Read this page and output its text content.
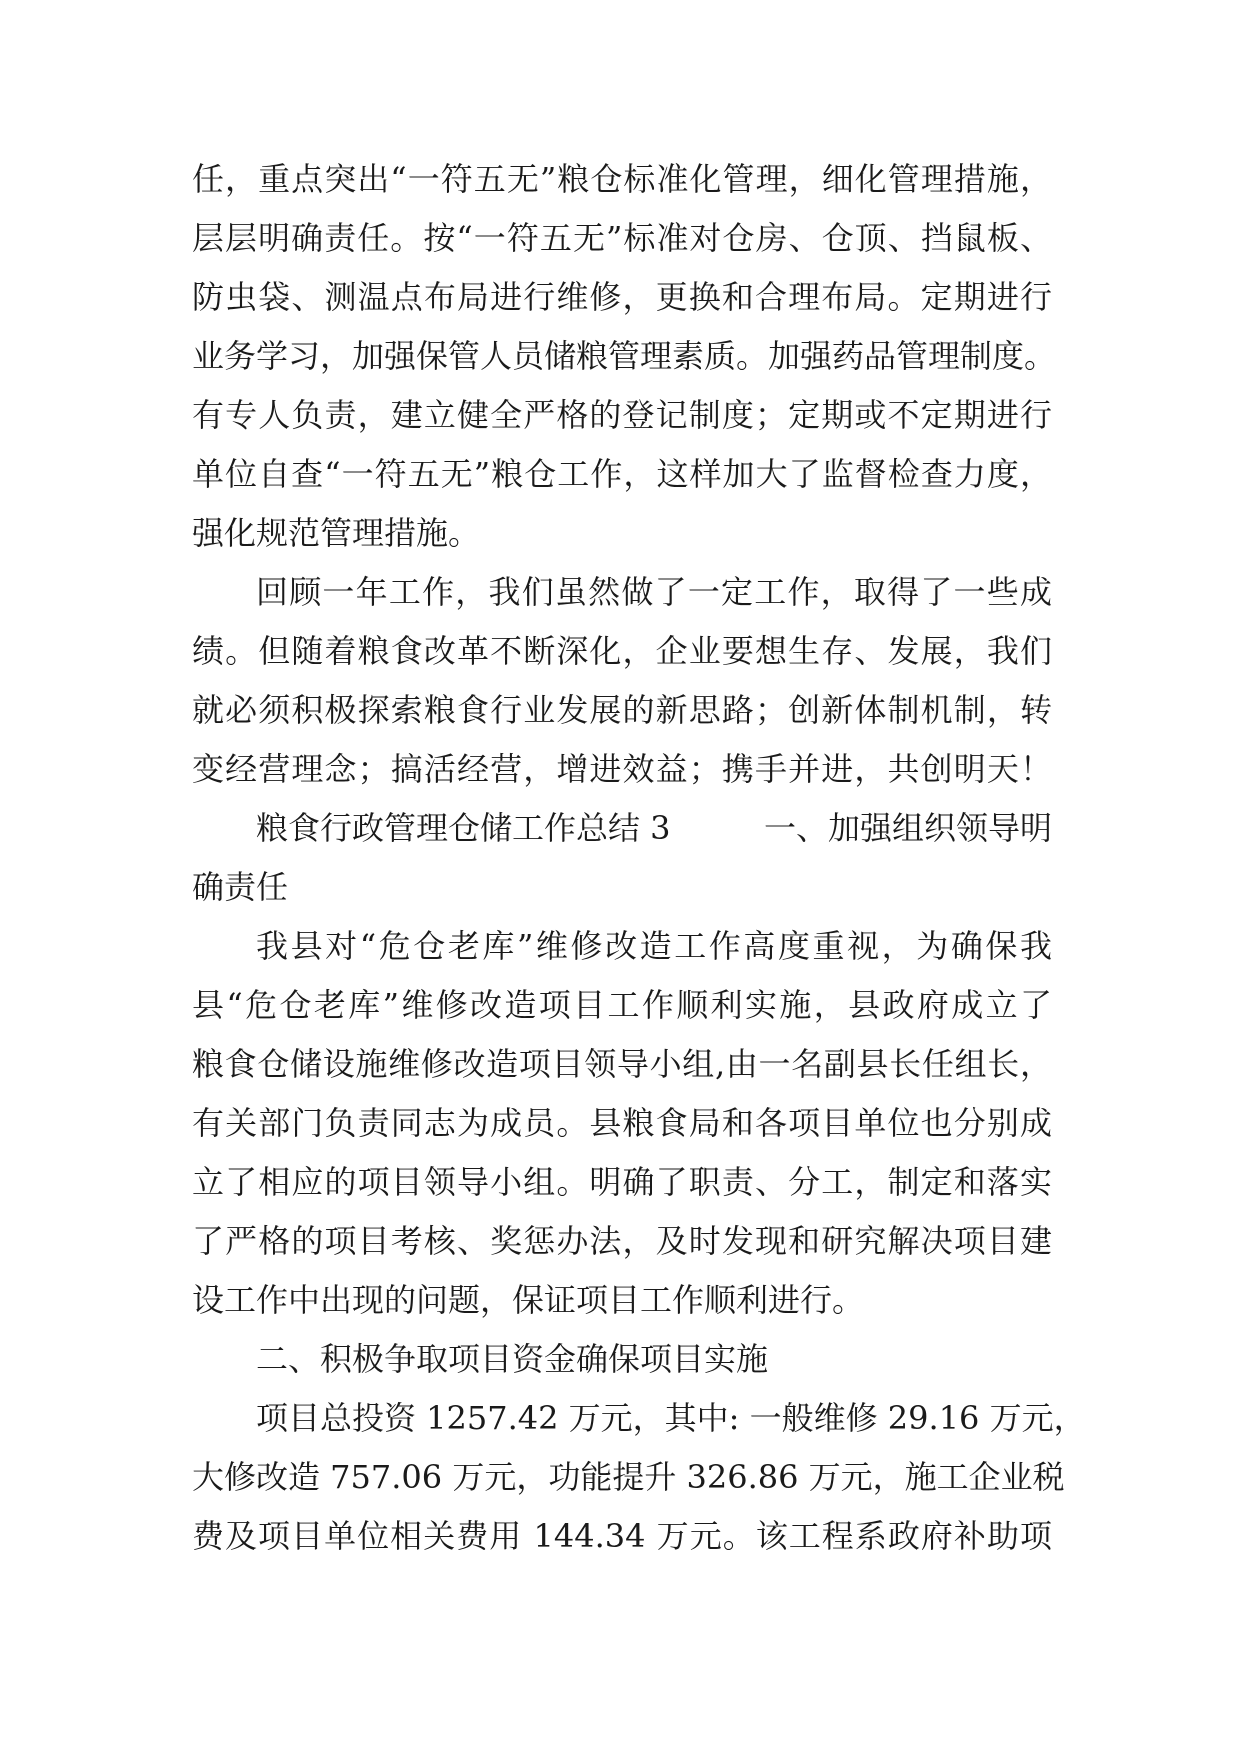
任，重点突出“一符五无”粮仓标准化管理，细化管理措施，
层层明确责任。按“一符五无”标准对仓房、仓顶、挡鼠板、
防虫袋、测温点布局进行维修，更换和合理布局。定期进行
业务学习，加强保管人员储粮管理素质。加强药品管理制度。
有专人负责，建立健全严格的登记制度；定期或不定期进行
单位自查“一符五无”粮仓工作，这样加大了监督检查力度，
强化规范管理措施。
回顾一年工作，我们虽然做了一定工作，取得了一些成
绩。但随着粮食改革不断深化，企业要想生存、发展，我们
就必须积极探索粮食行业发展的新思路；创新体制机制，转
变经营理念；搞活经营，增进效益；携手并进，共创明天！
粮食行政管理仓储工作总结 3	一、加强组织领导明
确责任
我县对“危仓老库”维修改造工作高度重视，为确保我
县“危仓老库”维修改造项目工作顺利实施，县政府成立了
粮食仓储设施维修改造项目领导小组,由一名副县长任组长，
有关部门负责同志为成员。县粮食局和各项目单位也分别成
立了相应的项目领导小组。明确了职责、分工，制定和落实
了严格的项目考核、奖惩办法，及时发现和研究解决项目建
设工作中出现的问题，保证项目工作顺利进行。
二、积极争取项目资金确保项目实施
项目总投资 1257.42 万元，其中: 一般维修 29.16 万元，
大修改造 757.06 万元，功能提升 326.86 万元，施工企业税
费及项目单位相关费用 144.34 万元。该工程系政府补助项
